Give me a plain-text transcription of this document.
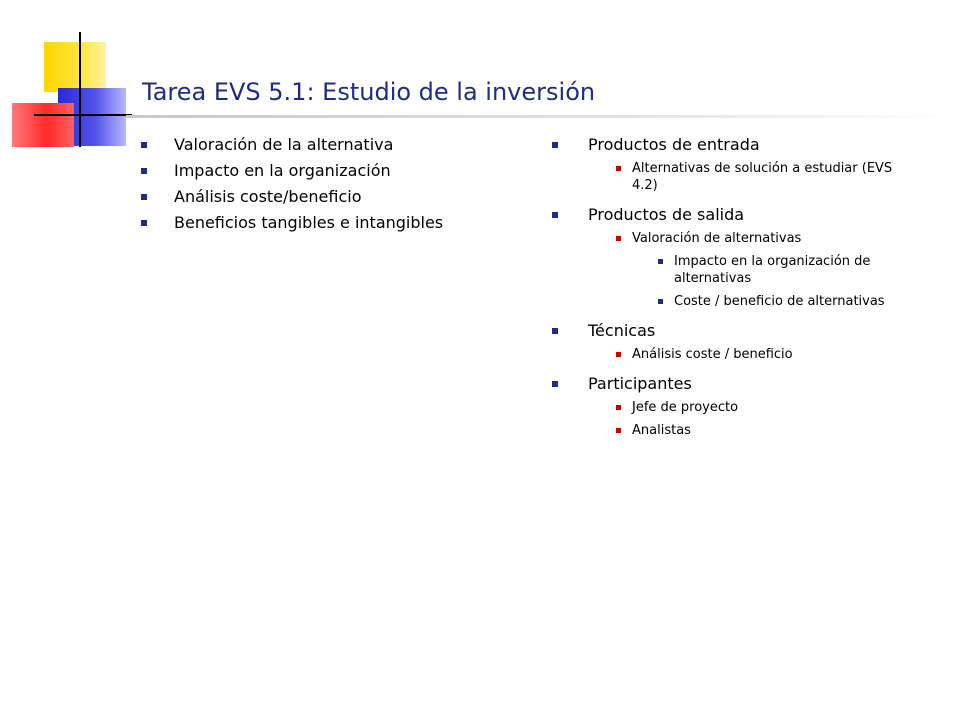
Tarea EVS 5.1: Estudio de la inversión
Valoración de la alternativa
Impacto en la organización
Análisis coste/beneficio
Beneficios tangibles e intangibles
Productos de entrada
Alternativas de solución a estudiar (EVS 4.2)
Productos de salida
Valoración de alternativas
Impacto en la organización de alternativas
Coste / beneficio de alternativas
Técnicas
Análisis coste / beneficio
Participantes
Jefe de proyecto
Analistas
